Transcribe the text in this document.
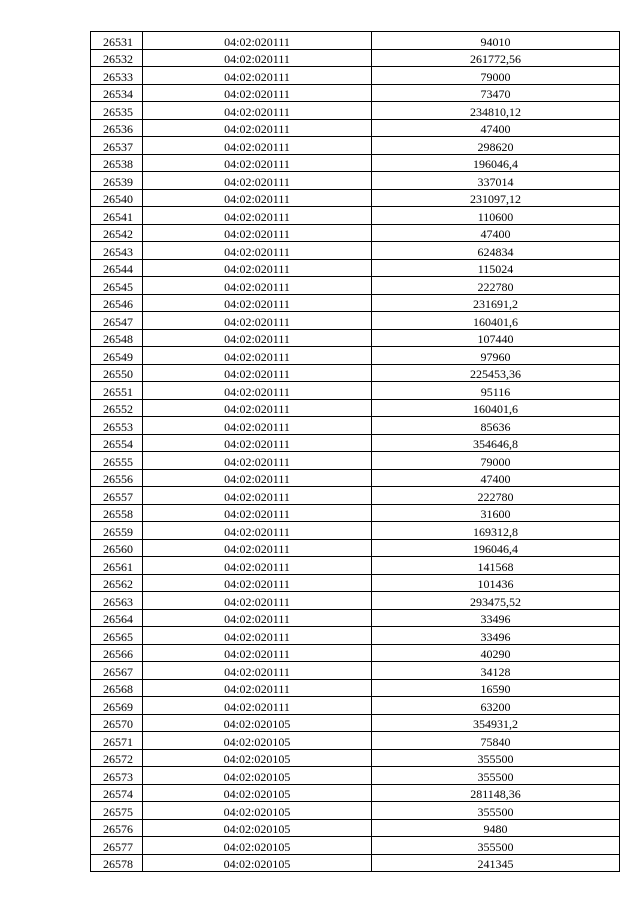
26531	04:02:020111	94010
26532	04:02:020111	261772,56
26533	04:02:020111	79000
26534	04:02:020111	73470
26535	04:02:020111	234810,12
26536	04:02:020111	47400
26537	04:02:020111	298620
26538	04:02:020111	196046,4
26539	04:02:020111	337014
26540	04:02:020111	231097,12
26541	04:02:020111	110600
26542	04:02:020111	47400
26543	04:02:020111	624834
26544	04:02:020111	115024
26545	04:02:020111	222780
26546	04:02:020111	231691,2
26547	04:02:020111	160401,6
26548	04:02:020111	107440
26549	04:02:020111	97960
26550	04:02:020111	225453,36
26551	04:02:020111	95116
26552	04:02:020111	160401,6
26553	04:02:020111	85636
26554	04:02:020111	354646,8
26555	04:02:020111	79000
26556	04:02:020111	47400
26557	04:02:020111	222780
26558	04:02:020111	31600
26559	04:02:020111	169312,8
26560	04:02:020111	196046,4
26561	04:02:020111	141568
26562	04:02:020111	101436
26563	04:02:020111	293475,52
26564	04:02:020111	33496
26565	04:02:020111	33496
26566	04:02:020111	40290
26567	04:02:020111	34128
26568	04:02:020111	16590
26569	04:02:020111	63200
26570	04:02:020105	354931,2
26571	04:02:020105	75840
26572	04:02:020105	355500
26573	04:02:020105	355500
26574	04:02:020105	281148,36
26575	04:02:020105	355500
26576	04:02:020105	9480
26577	04:02:020105	355500
26578	04:02:020105	241345
